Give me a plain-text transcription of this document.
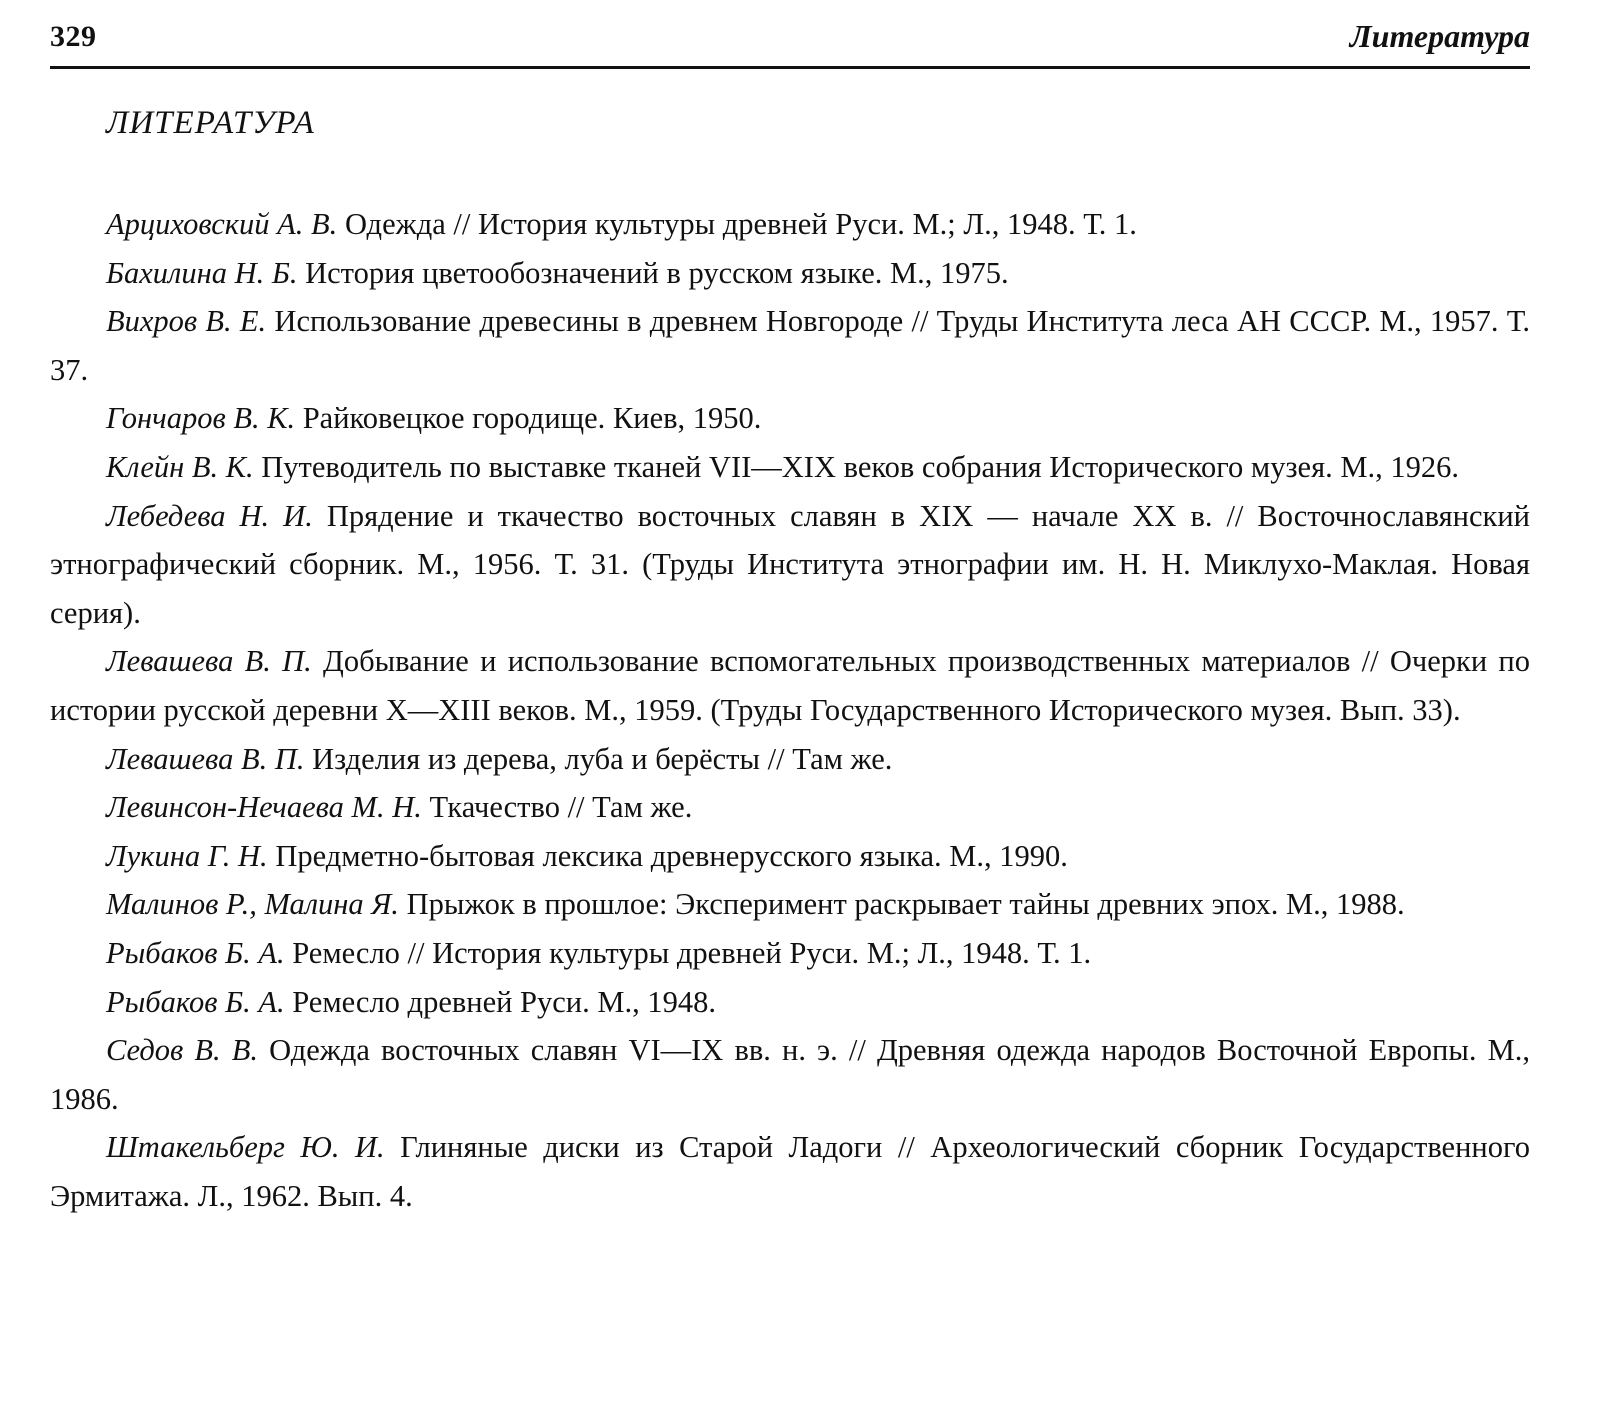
329	Литература
ЛИТЕРАТУРА

Арциховский А. В. Одежда // История культуры древней Руси. М.; Л., 1948. Т. 1.

Бахилина Н. Б. История цветообозначений в русском языке. М., 1975.

Вихров В. Е. Использование древесины в древнем Новгороде // Труды Института леса АН СССР. М., 1957. Т. 37.

Гончаров В. К. Райковецкое городище. Киев, 1950.

Клейн В. К. Путеводитель по выставке тканей VII—XIX веков собрания Исторического музея. М., 1926.

Лебедева Н. И. Прядение и ткачество восточных славян в XIX — начале XX в. // Восточнославянский этнографический сборник. М., 1956. Т. 31. (Труды Института этнографии им. Н. Н. Миклухо-Маклая. Новая серия).

Левашева В. П. Добывание и использование вспомогательных производственных материалов // Очерки по истории русской деревни X—XIII веков. М., 1959. (Труды Государственного Исторического музея. Вып. 33).

Левашева В. П. Изделия из дерева, луба и берёсты // Там же.

Левинсон-Нечаева М. Н. Ткачество // Там же.

Лукина Г. Н. Предметно-бытовая лексика древнерусского языка. М., 1990.

Малинов Р., Малина Я. Прыжок в прошлое: Эксперимент раскрывает тайны древних эпох. М., 1988.

Рыбаков Б. А. Ремесло // История культуры древней Руси. М.; Л., 1948. Т. 1.

Рыбаков Б. А. Ремесло древней Руси. М., 1948.

Седов В. В. Одежда восточных славян VI—IX вв. н. э. // Древняя одежда народов Восточной Европы. М., 1986.

Штакельберг Ю. И. Глиняные диски из Старой Ладоги // Археологический сборник Государственного Эрмитажа. Л., 1962. Вып. 4.
